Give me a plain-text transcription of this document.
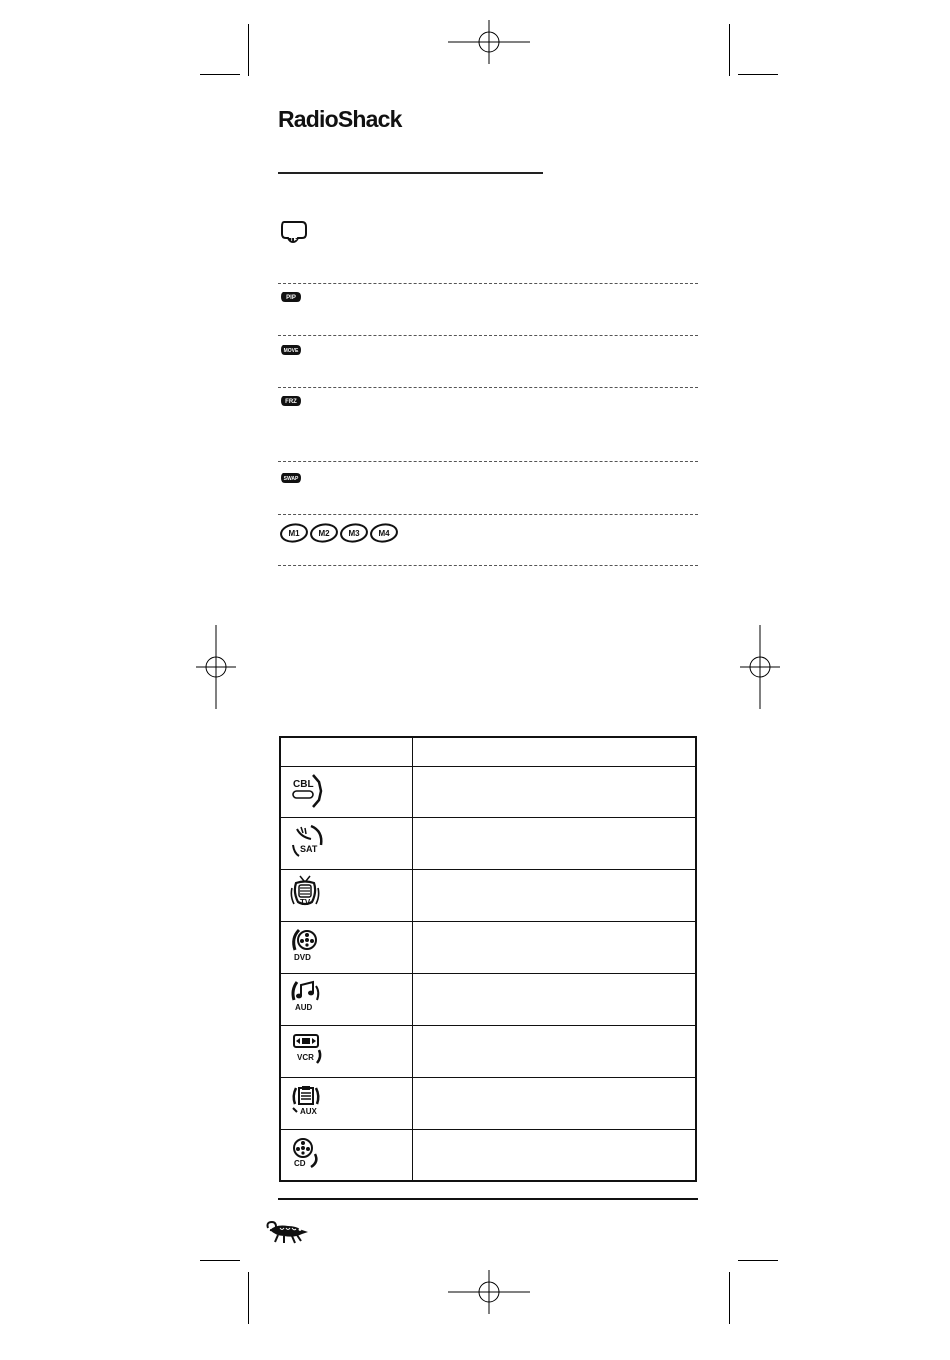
RadioShack
I
PIP
MOVE
FRZ
SWAP
M1 M2 M3 M4
CBL
SAT
TV
DVD
AUD
VCR
AUX
CD
